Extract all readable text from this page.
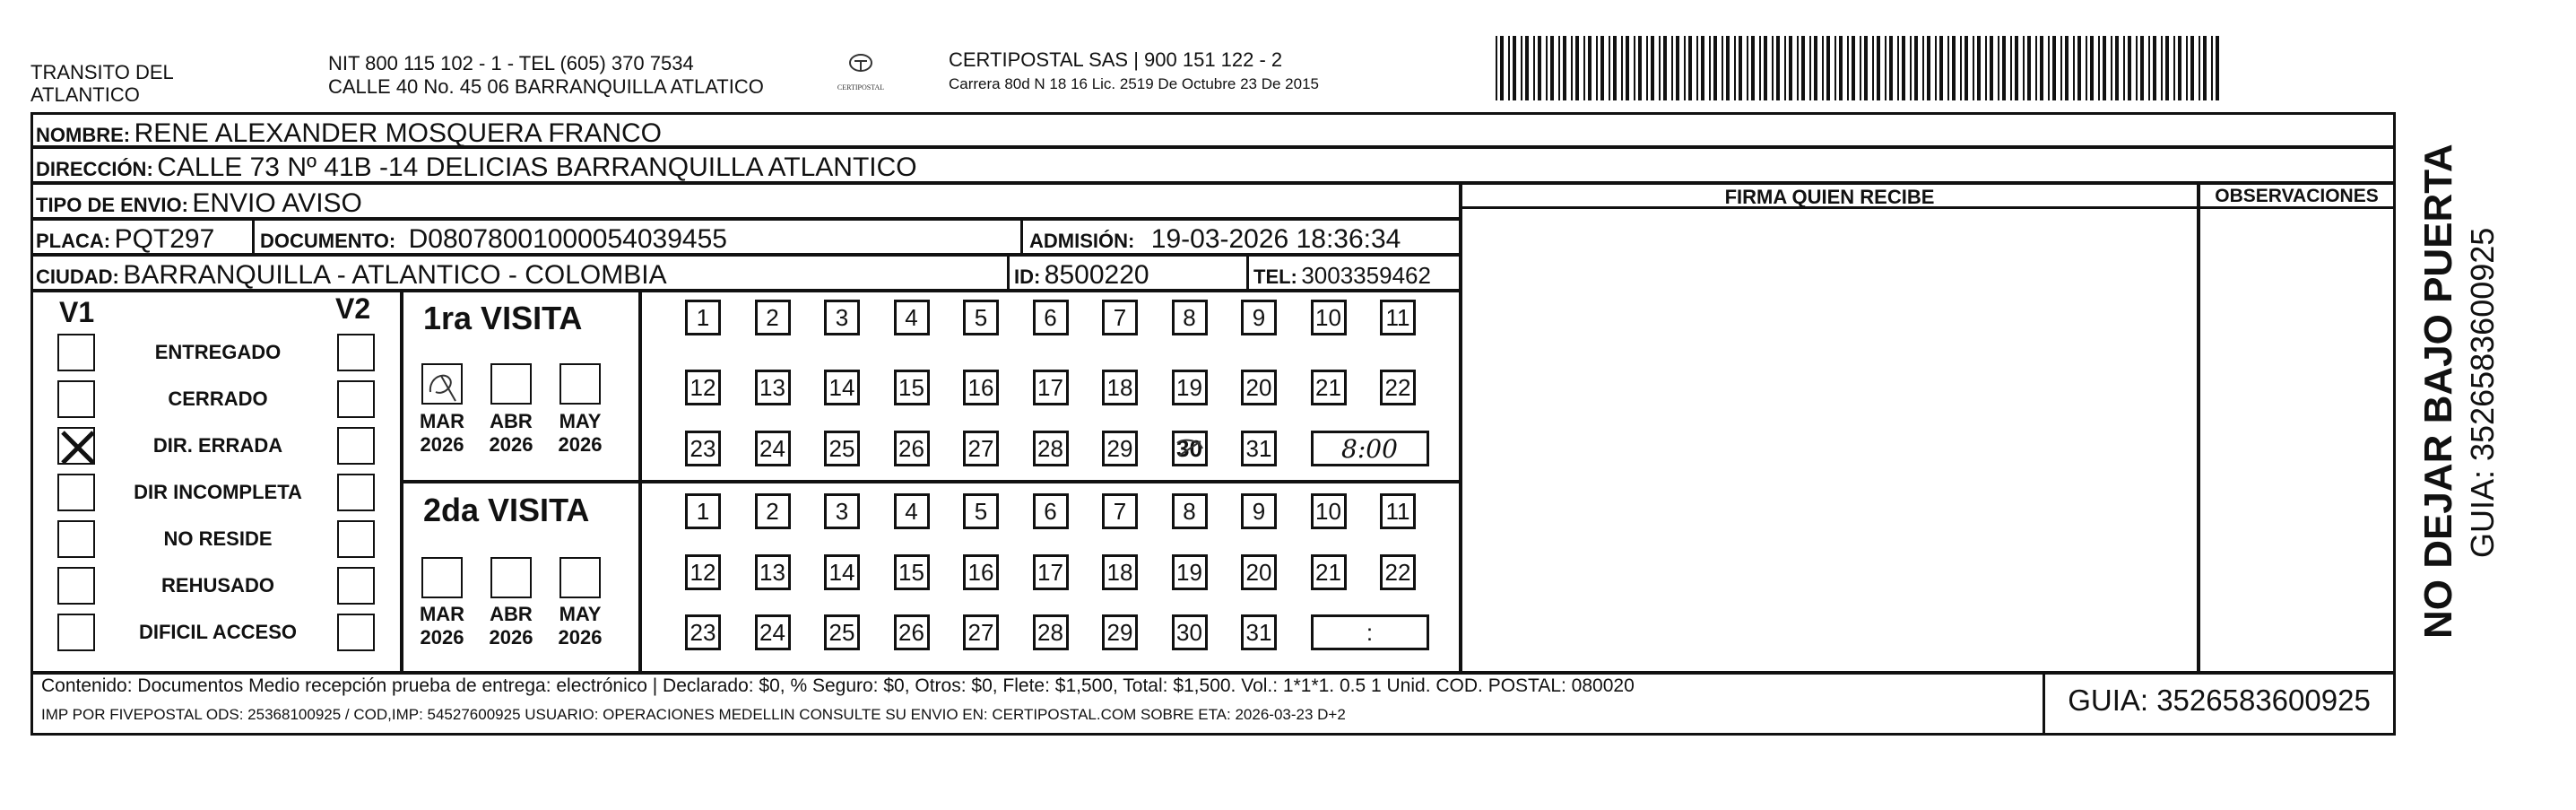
TRANSITO DEL
ATLANTICO
NIT 800 115 102 - 1 - TEL (605) 370 7534
CALLE 40 No. 45 06 BARRANQUILLA ATLATICO	CERTIPOSTAL
CERTIPOSTAL SAS | 900 151 122 - 2
Carrera 80d N 18 16 Lic. 2519 De Octubre 23 De 2015
NOMBRE: RENE ALEXANDER MOSQUERA FRANCO
DIRECCIÓN: CALLE 73 Nº 41B -14 DELICIAS BARRANQUILLA ATLANTICO
TIPO DE ENVIO: ENVIO AVISO	FIRMA QUIEN RECIBE	OBSERVACIONES
PLACA: PQT297 DOCUMENTO: D08078001000054039455	ADMISIÓN: 19-03-2026 18:36:34
CIUDAD: BARRANQUILLA - ATLANTICO - COLOMBIA	ID: 8500220	TEL: 3003359462
V1	V2
ENTREGADO
CERRADO
DIR. ERRADA
DIR INCOMPLETA
NO RESIDE
REHUSADO
DIFICIL ACCESO
1ra VISITA
2da VISITA
MAR
2026
ABR
2026
MAY
2026
MAR
2026
ABR
2026
MAY
2026
1	2	3	4	5	6	7	8	9	10 11
12 13 14 15 16 17 18 19 20 21 22
23 24 25 26 27 28 29 30 31	8:00
1	2	3	4	5	6	7	8	9	10 11
12 13 14 15 16 17 18 19 20 21 22
23 24 25 26 27 28 29 30 31	:
Contenido: Documentos Medio recepción prueba de entrega: electrónico | Declarado: $0, % Seguro: $0, Otros: $0, Flete: $1,500, Total: $1,500. Vol.: 1*1*1. 0.5 1 Unid. COD. POSTAL: 080020
IMP POR FIVEPOSTAL ODS: 25368100925 / COD,IMP: 54527600925 USUARIO: OPERACIONES MEDELLIN CONSULTE SU ENVIO EN: CERTIPOSTAL.COM SOBRE ETA: 2026-03-23 D+2	GUIA: 3526583600925
NO DEJAR BAJO PUERTA GUIA: 3526583600925
